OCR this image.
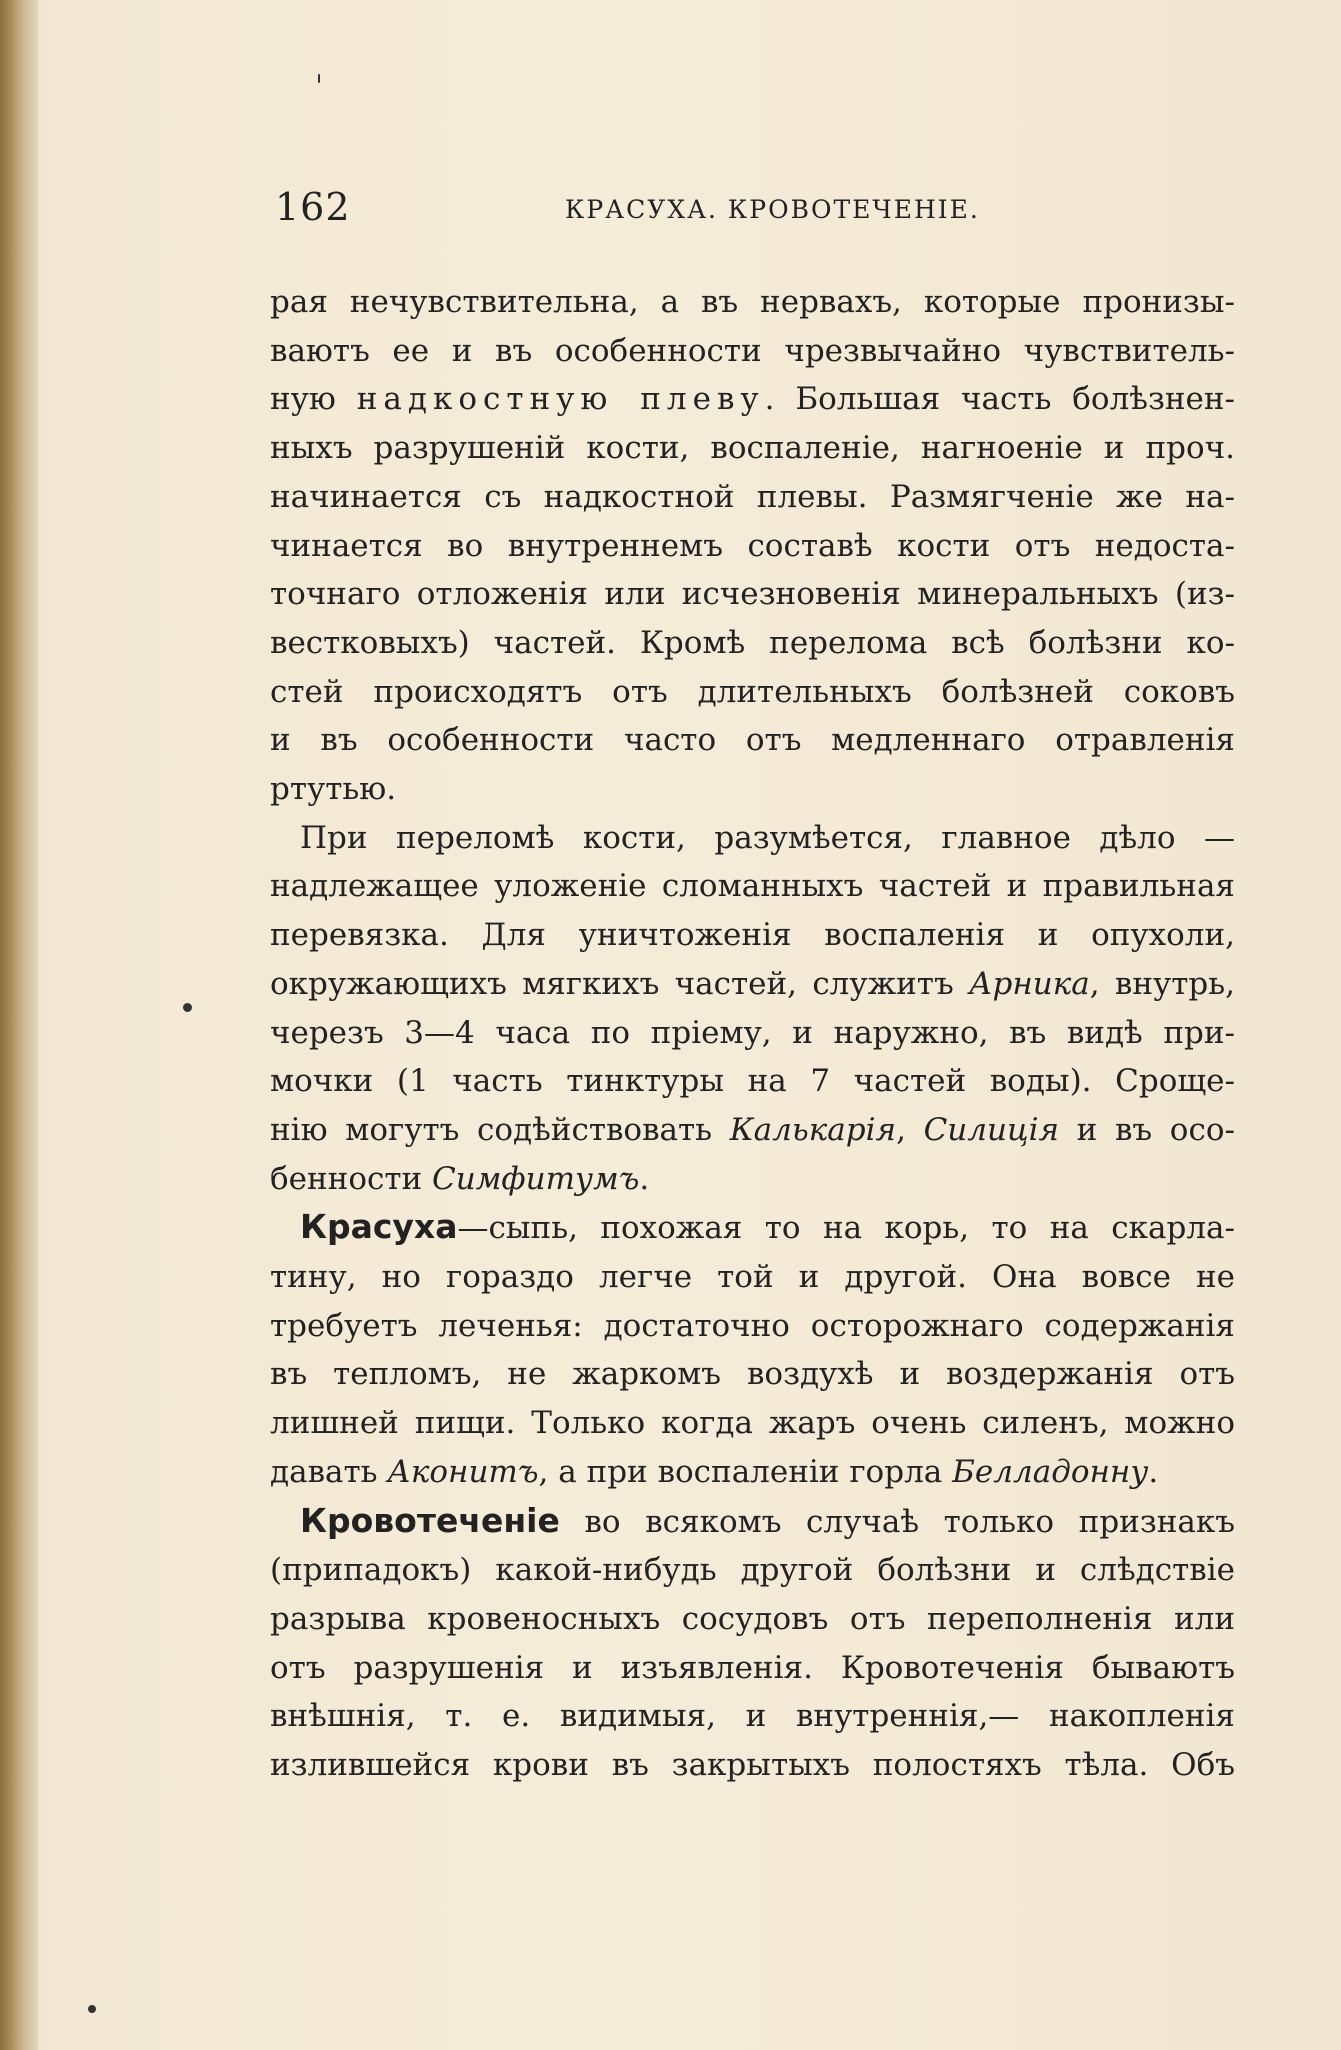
162	КРАСУХА. КРОВОТЕЧЕНІЕ.
рая нечувствительна, а въ нервахъ, которые пронизы-
ваютъ ее и въ особенности чрезвычайно чувствитель-
ную надкостную плеву. Большая часть болѣзнен-
ныхъ разрушеній кости, воспаленіе, нагноеніе и проч.
начинается съ надкостной плевы. Размягченіе же на-
чинается во внутреннемъ составѣ кости отъ недоста-
точнаго отложенія или исчезновенія минеральныхъ (из-
вестковыхъ) частей. Кромѣ перелома всѣ болѣзни ко-
стей происходятъ отъ длительныхъ болѣзней соковъ
и въ особенности часто отъ медленнаго отравленія
ртутью.
При переломѣ кости, разумѣется, главное дѣло —
надлежащее уложеніе сломанныхъ частей и правильная
перевязка. Для уничтоженія воспаленія и опухоли,
окружающихъ мягкихъ частей, служитъ Арника, внутрь,
черезъ 3—4 часа по пріему, и наружно, въ видѣ при-
мочки (1 часть тинктуры на 7 частей воды). Сроще-
нію могутъ содѣйствовать Калькарія, Силиція и въ осо-
бенности Симфитумъ.
Красуха—сыпь, похожая то на корь, то на скарла-
тину, но гораздо легче той и другой. Она вовсе не
требуетъ леченья: достаточно осторожнаго содержанія
въ тепломъ, не жаркомъ воздухѣ и воздержанія отъ
лишней пищи. Только когда жаръ очень силенъ, можно
давать Аконитъ, а при воспаленіи горла Белладонну.
Кровотеченіе во всякомъ случаѣ только признакъ
(припадокъ) какой-нибудь другой болѣзни и слѣдствіе
разрыва кровеносныхъ сосудовъ отъ переполненія или
отъ разрушенія и изъявленія. Кровотеченія бываютъ
внѣшнія, т. е. видимыя, и внутреннія,— накопленія
излившейся крови въ закрытыхъ полостяхъ тѣла. Объ
